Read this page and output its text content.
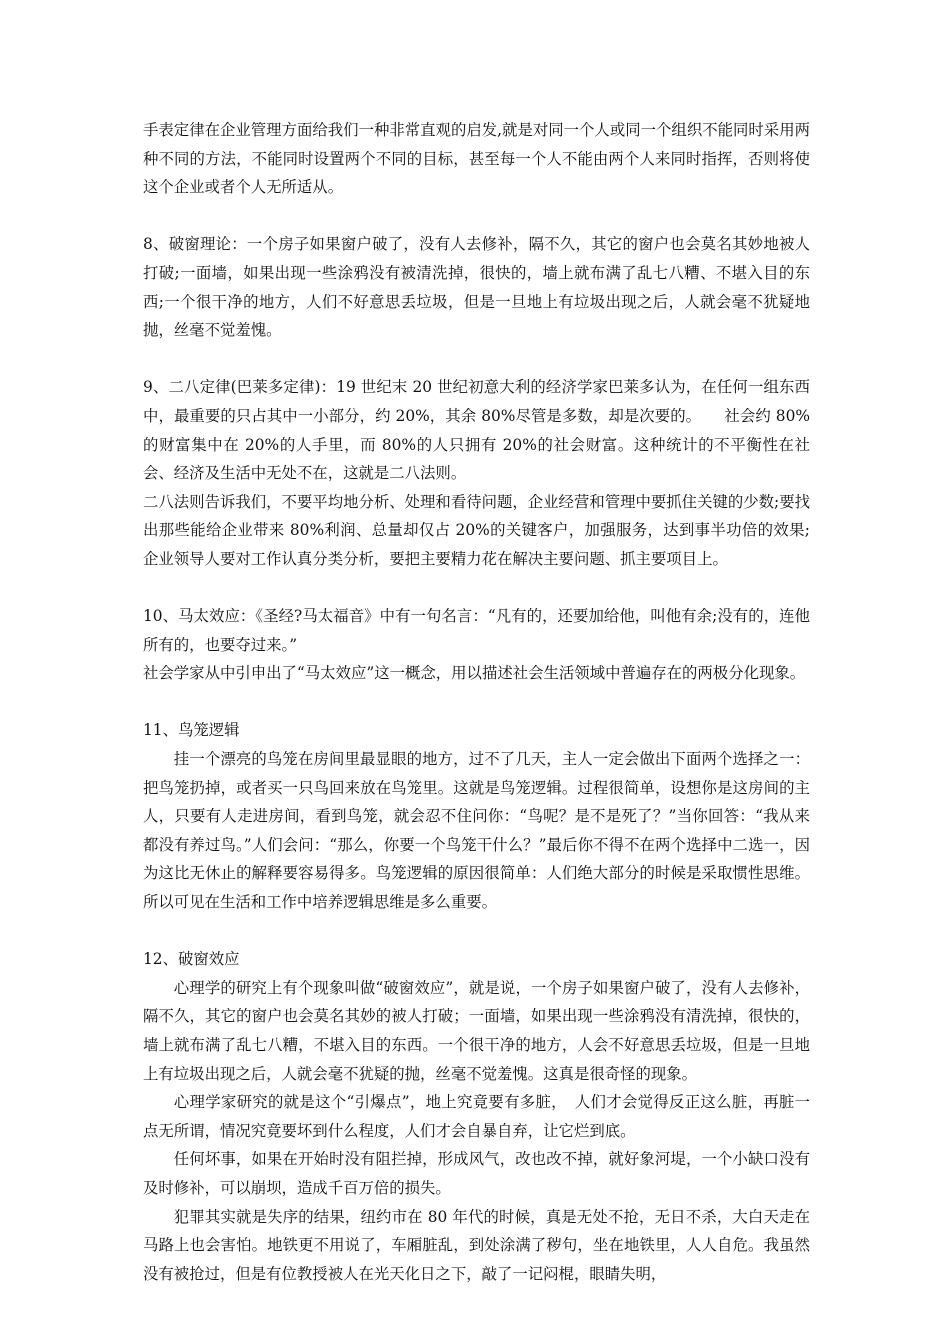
手表定律在企业管理方面给我们一种非常直观的启发,就是对同一个人或同一个组织不能同时采用两种不同的方法，不能同时设置两个不同的目标，甚至每一个人不能由两个人来同时指挥，否则将使这个企业或者个人无所适从。

8、破窗理论：一个房子如果窗户破了，没有人去修补，隔不久，其它的窗户也会莫名其妙地被人打破;一面墙，如果出现一些涂鸦没有被清洗掉，很快的，墙上就布满了乱七八糟、不堪入目的东西;一个很干净的地方，人们不好意思丢垃圾，但是一旦地上有垃圾出现之后，人就会毫不犹疑地抛，丝毫不觉羞愧。

9、二八定律(巴莱多定律)：19 世纪末 20 世纪初意大利的经济学家巴莱多认为，在任何一组东西中，最重要的只占其中一小部分，约 20%，其余 80%尽管是多数，却是次要的。　　社会约 80%的财富集中在 20%的人手里，而 80%的人只拥有 20%的社会财富。这种统计的不平衡性在社会、经济及生活中无处不在，这就是二八法则。

二八法则告诉我们，不要平均地分析、处理和看待问题，企业经营和管理中要抓住关键的少数;要找出那些能给企业带来 80%利润、总量却仅占 20%的关键客户，加强服务，达到事半功倍的效果;企业领导人要对工作认真分类分析，要把主要精力花在解决主要问题、抓主要项目上。

10、马太效应：《圣经?马太福音》中有一句名言：“凡有的，还要加给他，叫他有余;没有的，连他所有的，也要夺过来。”

社会学家从中引申出了“马太效应”这一概念，用以描述社会生活领域中普遍存在的两极分化现象。

11、鸟笼逻辑

挂一个漂亮的鸟笼在房间里最显眼的地方，过不了几天，主人一定会做出下面两个选择之一：把鸟笼扔掉，或者买一只鸟回来放在鸟笼里。这就是鸟笼逻辑。过程很简单，设想你是这房间的主人，只要有人走进房间，看到鸟笼，就会忍不住问你：“鸟呢？是不是死了？”当你回答：“我从来都没有养过鸟。”人们会问：“那么，你要一个鸟笼干什么？”最后你不得不在两个选择中二选一，因为这比无休止的解释要容易得多。鸟笼逻辑的原因很简单：人们绝大部分的时候是采取惯性思维。所以可见在生活和工作中培养逻辑思维是多么重要。

12、破窗效应

心理学的研究上有个现象叫做“破窗效应”，就是说，一个房子如果窗户破了，没有人去修补，隔不久，其它的窗户也会莫名其妙的被人打破；一面墙，如果出现一些涂鸦没有清洗掉，很快的，墙上就布满了乱七八糟，不堪入目的东西。一个很干净的地方，人会不好意思丢垃圾，但是一旦地上有垃圾出现之后，人就会毫不犹疑的抛，丝毫不觉羞愧。这真是很奇怪的现象。

心理学家研究的就是这个“引爆点”，地上究竟要有多脏，　人们才会觉得反正这么脏，再脏一点无所谓，情况究竟要坏到什么程度，人们才会自暴自弃，让它烂到底。

任何坏事，如果在开始时没有阻拦掉，形成风气，改也改不掉，就好象河堤，一个小缺口没有及时修补，可以崩坝，造成千百万倍的损失。

犯罪其实就是失序的结果，纽约市在 80 年代的时候，真是无处不抢，无日不杀，大白天走在马路上也会害怕。地铁更不用说了，车厢脏乱，到处涂满了秽句，坐在地铁里，人人自危。我虽然没有被抢过，但是有位教授被人在光天化日之下，敲了一记闷棍，眼睛失明，
